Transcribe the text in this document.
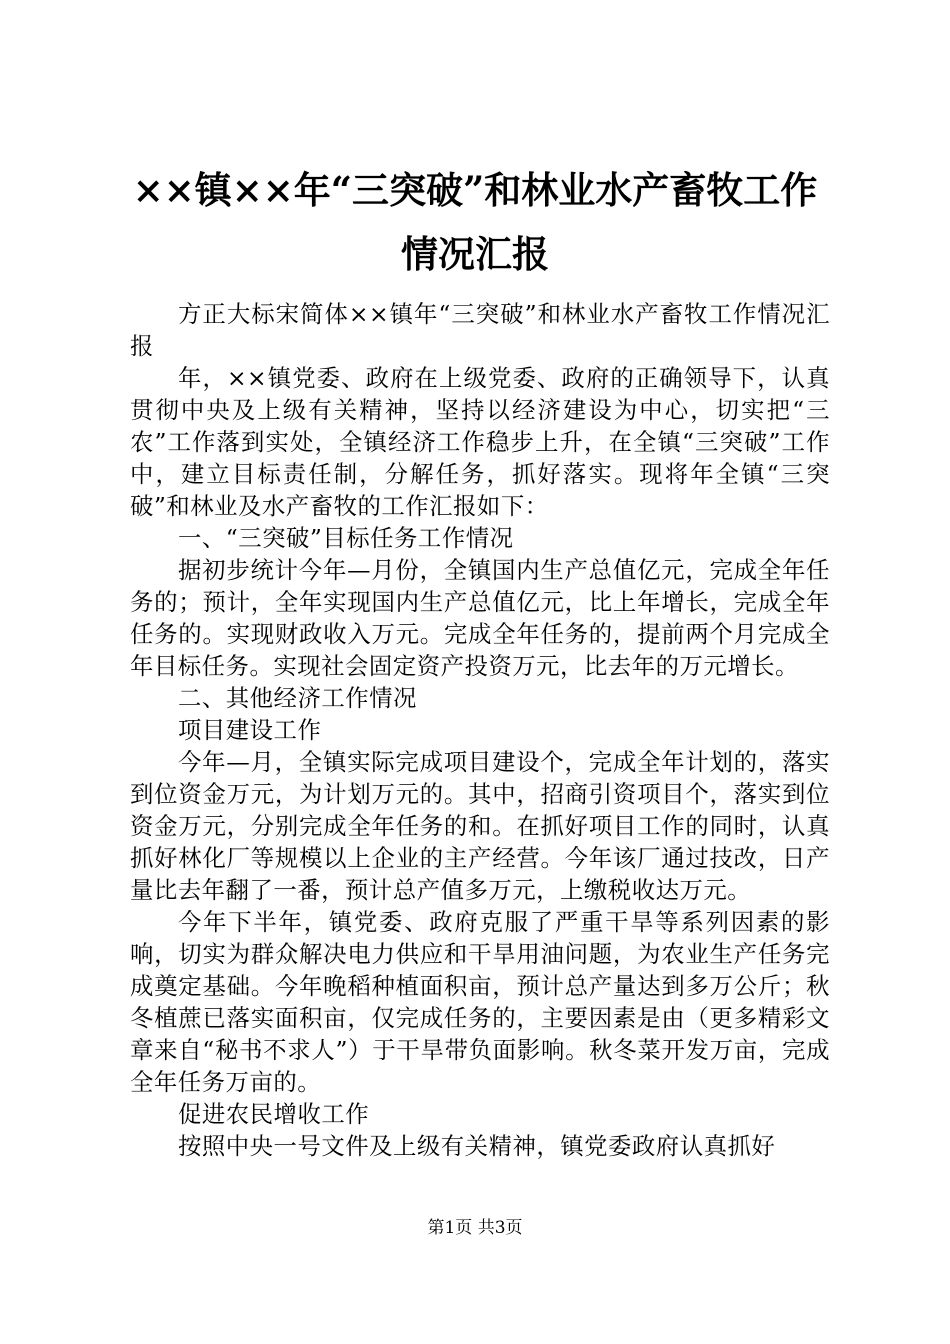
××镇××年“三突破”和林业水产畜牧工作
情况汇报

方正大标宋简体××镇年“三突破”和林业水产畜牧工作情况汇报

年，××镇党委、政府在上级党委、政府的正确领导下，认真贯彻中央及上级有关精神，坚持以经济建设为中心，切实把“三农”工作落到实处，全镇经济工作稳步上升，在全镇“三突破”工作中，建立目标责任制，分解任务，抓好落实。现将年全镇“三突破”和林业及水产畜牧的工作汇报如下：

一、“三突破”目标任务工作情况

据初步统计今年—月份，全镇国内生产总值亿元，完成全年任务的；预计，全年实现国内生产总值亿元，比上年增长，完成全年任务的。实现财政收入万元。完成全年任务的，提前两个月完成全年目标任务。实现社会固定资产投资万元，比去年的万元增长。

二、其他经济工作情况

项目建设工作

今年—月，全镇实际完成项目建设个，完成全年计划的，落实到位资金万元，为计划万元的。其中，招商引资项目个，落实到位资金万元，分别完成全年任务的和。在抓好项目工作的同时，认真抓好林化厂等规模以上企业的主产经营。今年该厂通过技改，日产量比去年翻了一番，预计总产值多万元，上缴税收达万元。

今年下半年，镇党委、政府克服了严重干旱等系列因素的影响，切实为群众解决电力供应和干旱用油问题，为农业生产任务完成奠定基础。今年晚稻种植面积亩，预计总产量达到多万公斤；秋冬植蔗已落实面积亩，仅完成任务的，主要因素是由（更多精彩文章来自“秘书不求人”）于干旱带负面影响。秋冬菜开发万亩，完成全年任务万亩的。

促进农民增收工作

按照中央一号文件及上级有关精神，镇党委政府认真抓好

第1页 共3页
